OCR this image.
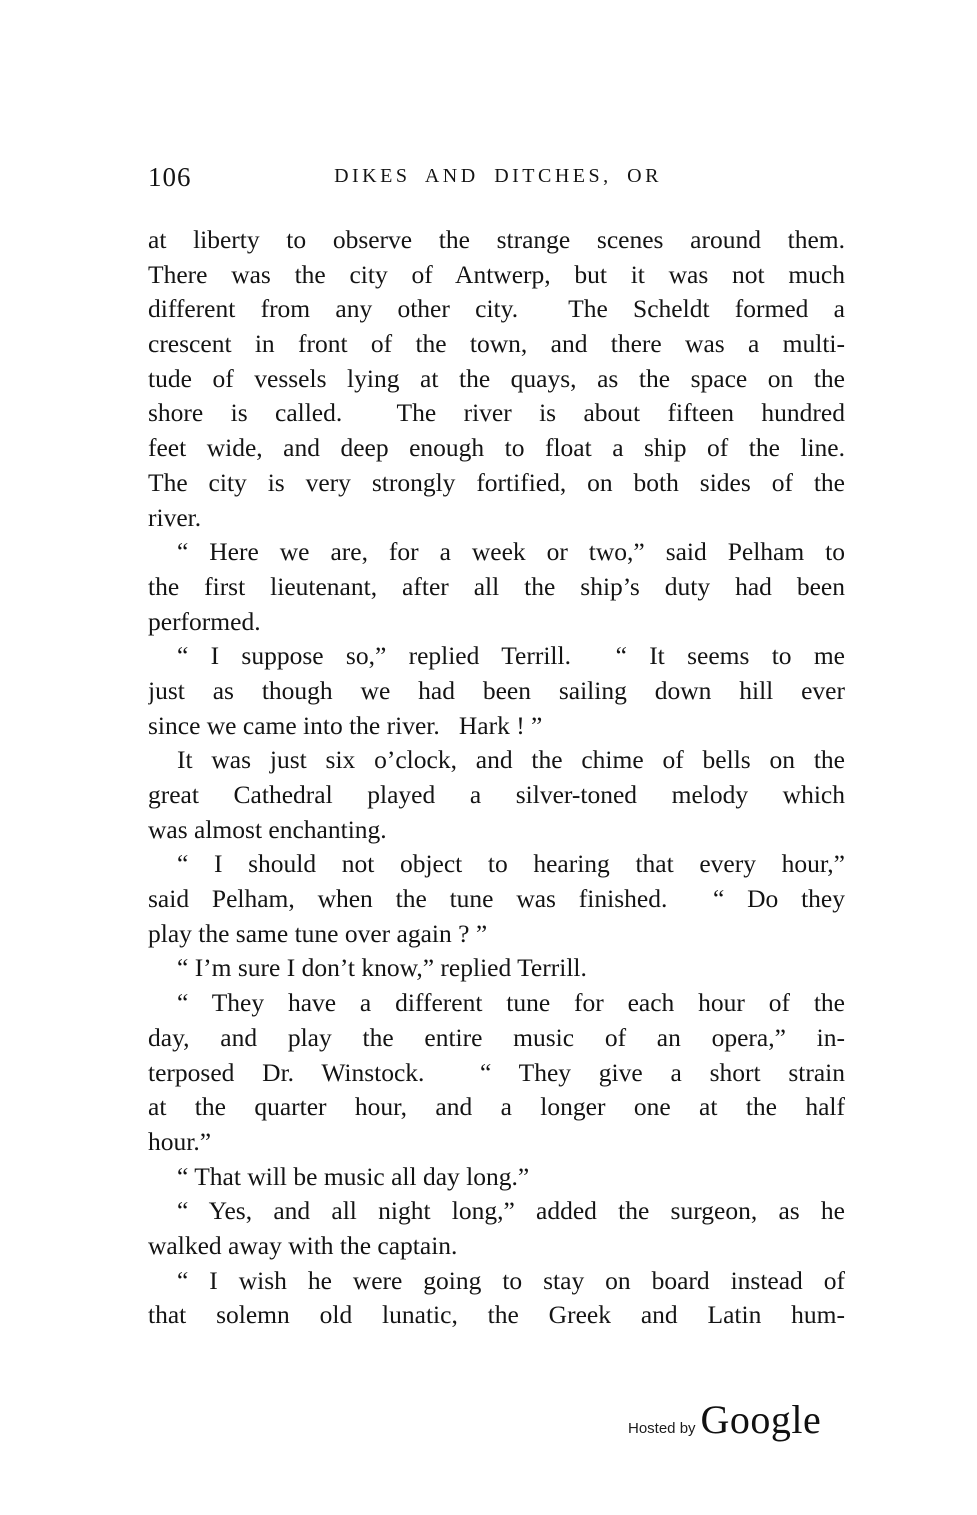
106	DIKES AND DITCHES, OR
at liberty to observe the strange scenes around them.
There was the city of Antwerp, but it was not much
different from any other city.  The Scheldt formed a
crescent in front of the town, and there was a multi-
tude of vessels lying at the quays, as the space on the
shore is called.  The river is about fifteen hundred
feet wide, and deep enough to float a ship of the line.
The city is very strongly fortified, on both sides of the
river.
“ Here we are, for a week or two,” said Pelham to
the first lieutenant, after all the ship’s duty had been
performed.
“ I suppose so,” replied Terrill.  “ It seems to me
just as though we had been sailing down hill ever
since we came into the river.   Hark ! ”
It was just six o’clock, and the chime of bells on the
great Cathedral played a silver-toned melody which
was almost enchanting.
“ I should not object to hearing that every hour,”
said Pelham, when the tune was finished.  “ Do they
play the same tune over again ? ”
“ I’m sure I don’t know,” replied Terrill.
“ They have a different tune for each hour of the
day, and play the entire music of an opera,” in-
terposed Dr. Winstock.  “ They give a short strain
at the quarter hour, and a longer one at the half
hour.”
“ That will be music all day long.”
“ Yes, and all night long,” added the surgeon, as he
walked away with the captain.
“ I wish he were going to stay on board instead of
that solemn old lunatic, the Greek and Latin hum-
Hosted by Google
